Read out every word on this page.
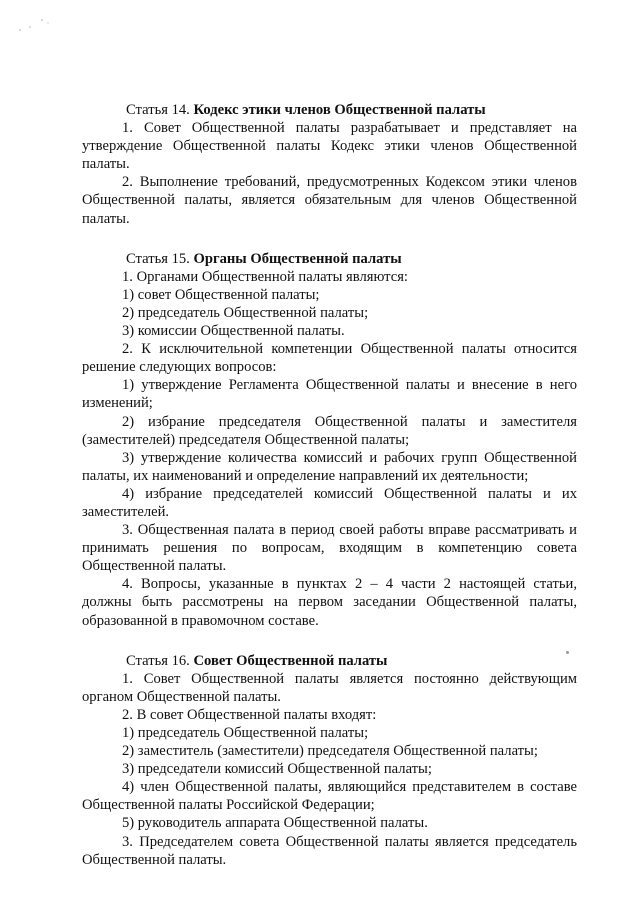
Статья 14. Кодекс этики членов Общественной палаты

1. Совет Общественной палаты разрабатывает и представляет на утверждение Общественной палаты Кодекс этики членов Общественной палаты.

2. Выполнение требований, предусмотренных Кодексом этики членов Общественной палаты, является обязательным для членов Общественной палаты.

Статья 15. Органы Общественной палаты

1. Органами Общественной палаты являются:

1) совет Общественной палаты;

2) председатель Общественной палаты;

3) комиссии Общественной палаты.

2. К исключительной компетенции Общественной палаты относится решение следующих вопросов:

1) утверждение Регламента Общественной палаты и внесение в него изменений;

2) избрание председателя Общественной палаты и заместителя (заместителей) председателя Общественной палаты;

3) утверждение количества комиссий и рабочих групп Общественной палаты, их наименований и определение направлений их деятельности;

4) избрание председателей комиссий Общественной палаты и их заместителей.

3. Общественная палата в период своей работы вправе рассматривать и принимать решения по вопросам, входящим в компетенцию совета Общественной палаты.

4. Вопросы, указанные в пунктах 2 – 4 части 2 настоящей статьи, должны быть рассмотрены на первом заседании Общественной палаты, образованной в правомочном составе.

Статья 16. Совет Общественной палаты

1. Совет Общественной палаты является постоянно действующим органом Общественной палаты.

2. В совет Общественной палаты входят:

1) председатель Общественной палаты;

2) заместитель (заместители) председателя Общественной палаты;

3) председатели комиссий Общественной палаты;

4) член Общественной палаты, являющийся представителем в составе Общественной палаты Российской Федерации;

5) руководитель аппарата Общественной палаты.

3. Председателем совета Общественной палаты является председатель Общественной палаты.
